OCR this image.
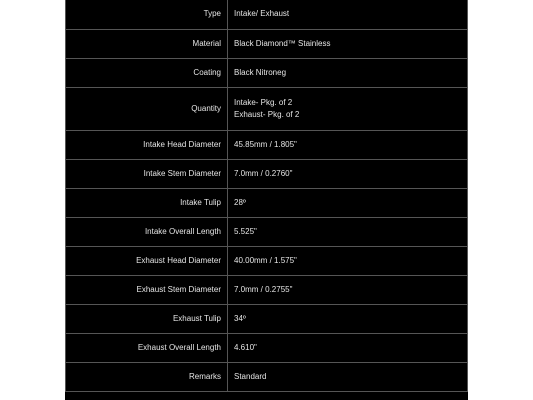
Type	Intake/ Exhaust
Material	Black Diamond™ Stainless
Coating	Black Nitroneg
Quantity	Intake- Pkg. of 2
Exhaust- Pkg. of 2

Intake Head Diameter	45.85mm / 1.805"
Intake Stem Diameter	7.0mm / 0.2760"
Intake Tulip	28º
Intake Overall Length	5.525"
Exhaust Head Diameter	40.00mm / 1.575"
Exhaust Stem Diameter	7.0mm / 0.2755"
Exhaust Tulip	34º
Exhaust Overall Length	4.610"
Remarks	Standard
